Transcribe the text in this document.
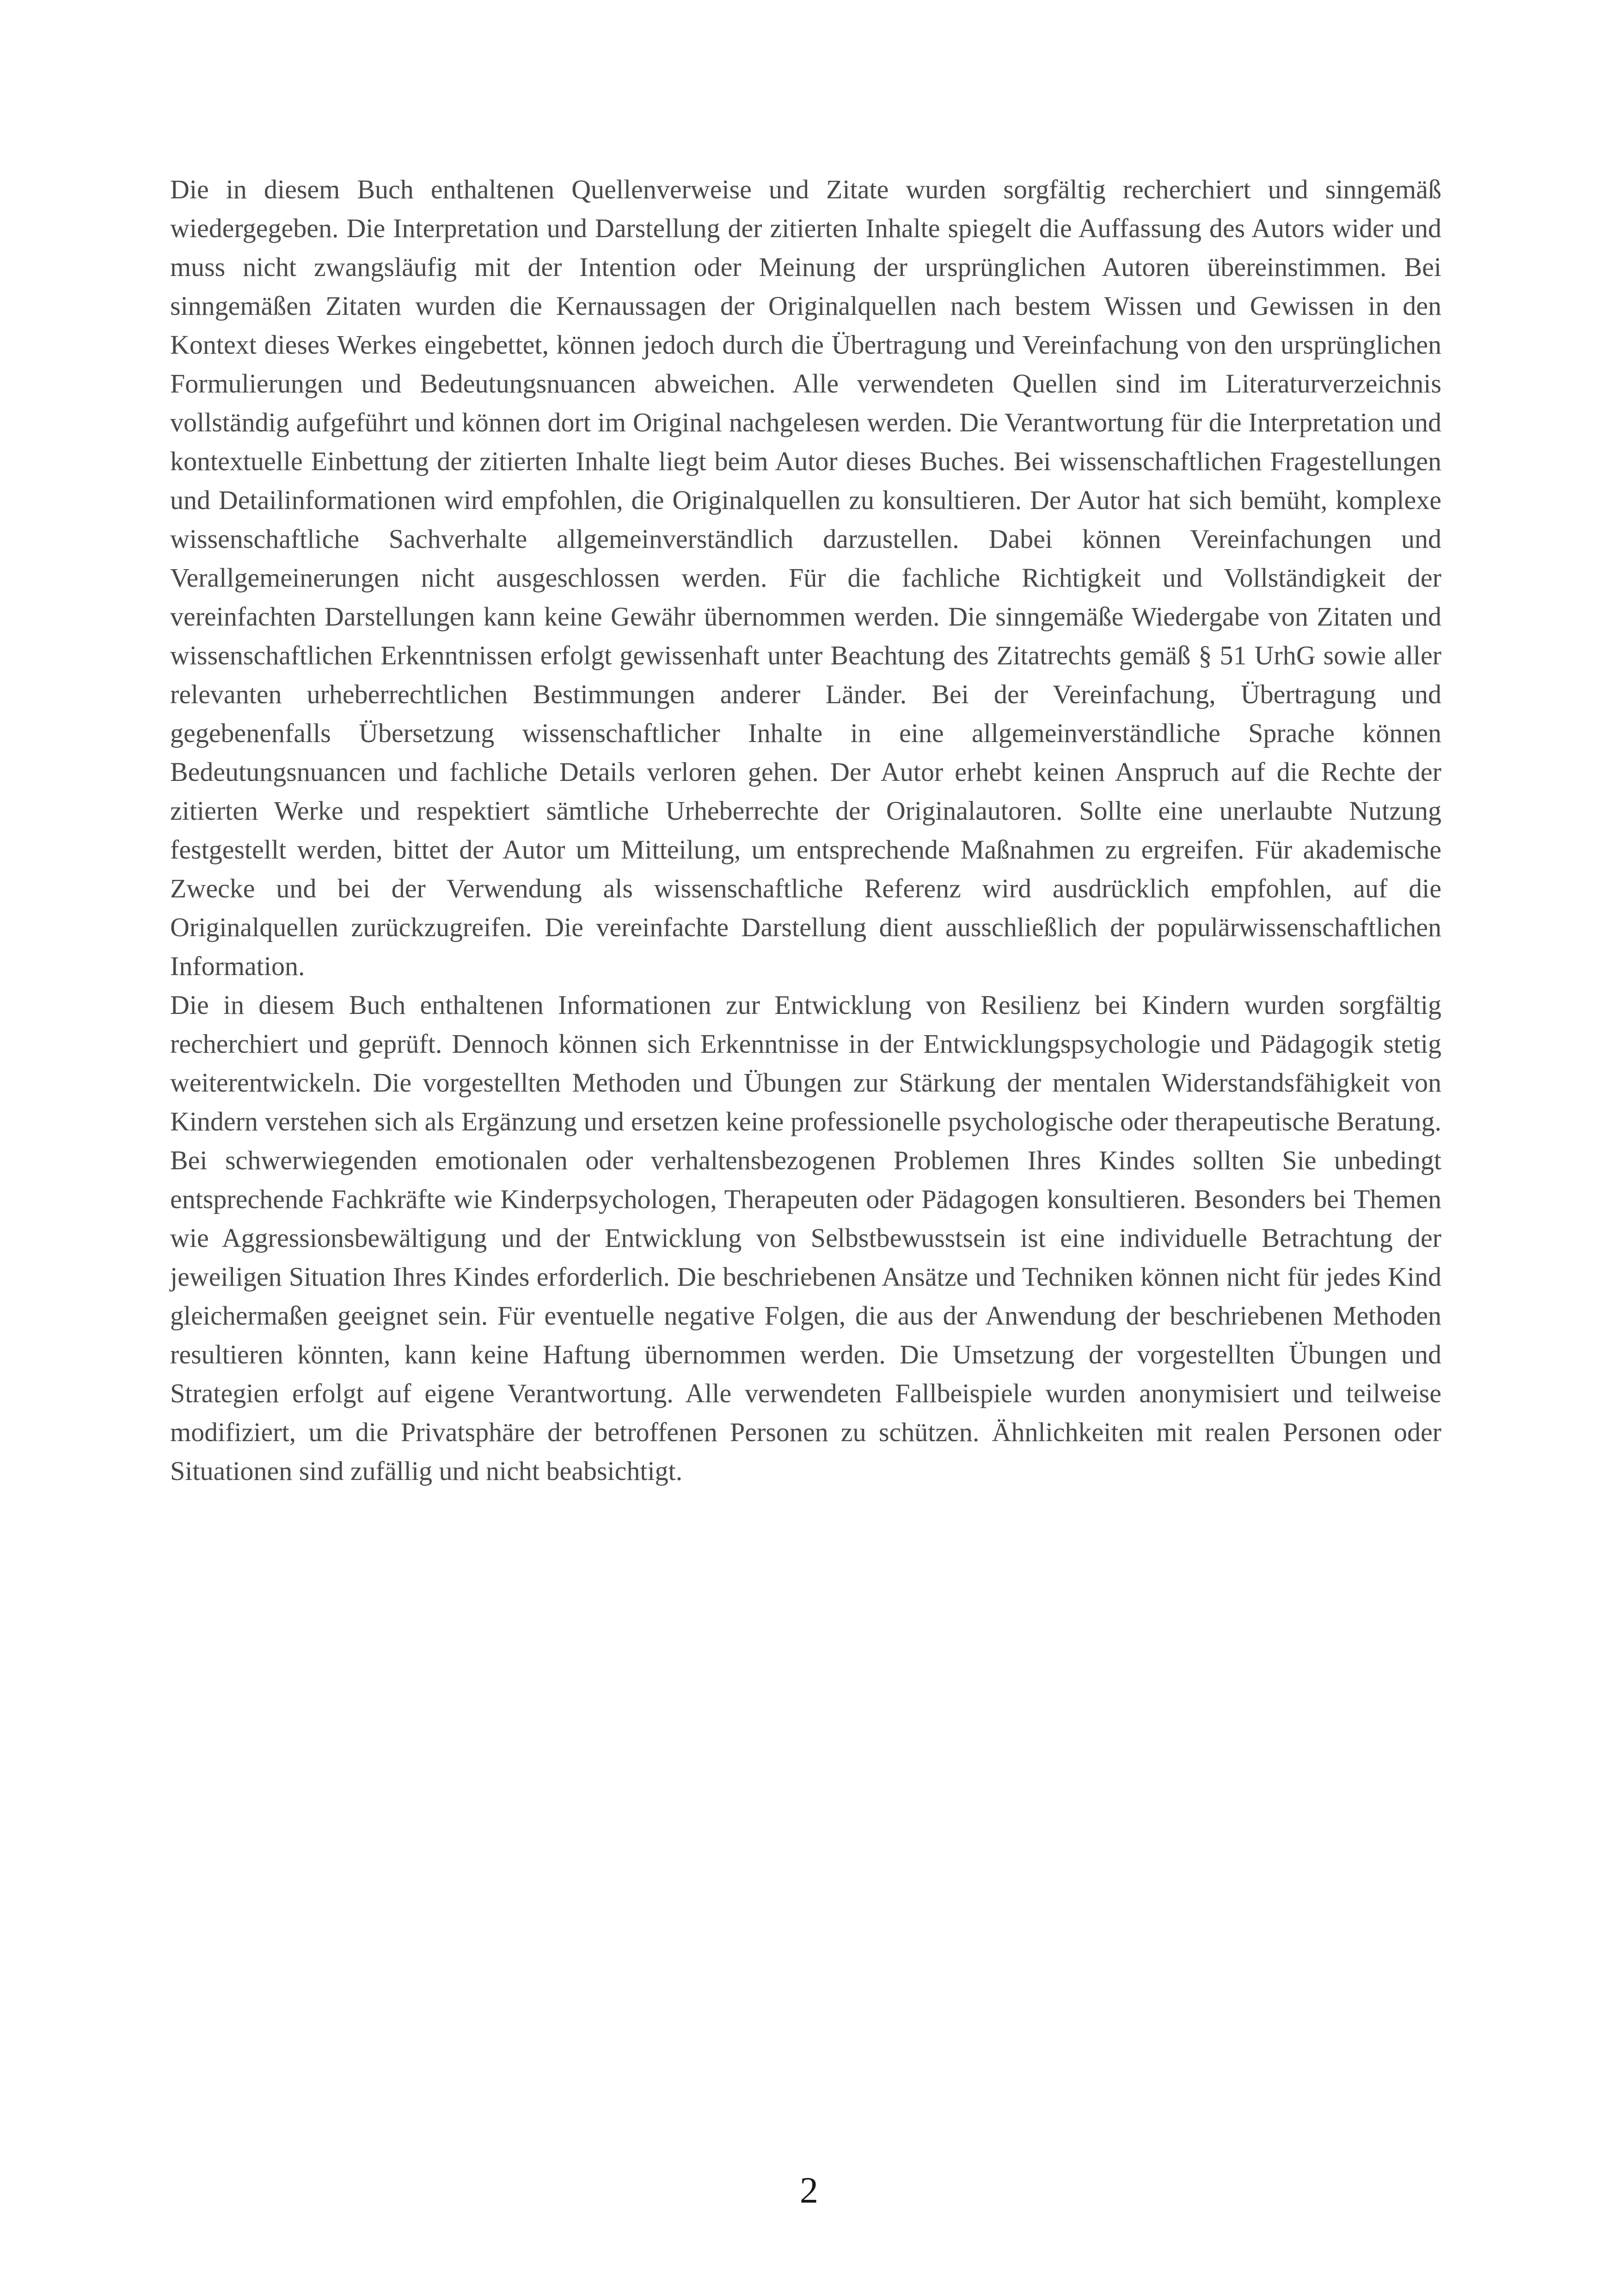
Die in diesem Buch enthaltenen Quellenverweise und Zitate wurden sorgfältig recherchiert und sinngemäß wiedergegeben. Die Interpretation und Darstellung der zitierten Inhalte spiegelt die Auffassung des Autors wider und muss nicht zwangsläufig mit der Intention oder Meinung der ursprünglichen Autoren übereinstimmen. Bei sinngemäßen Zitaten wurden die Kernaussagen der Originalquellen nach bestem Wissen und Gewissen in den Kontext dieses Werkes eingebettet, können jedoch durch die Übertragung und Vereinfachung von den ursprünglichen Formulierungen und Bedeutungsnuancen abweichen. Alle verwendeten Quellen sind im Literaturverzeichnis vollständig aufgeführt und können dort im Original nachgelesen werden. Die Verantwortung für die Interpretation und kontextuelle Einbettung der zitierten Inhalte liegt beim Autor dieses Buches. Bei wissenschaftlichen Fragestellungen und Detailinformationen wird empfohlen, die Originalquellen zu konsultieren. Der Autor hat sich bemüht, komplexe wissenschaftliche Sachverhalte allgemeinverständlich darzustellen. Dabei können Vereinfachungen und Verallgemeinerungen nicht ausgeschlossen werden. Für die fachliche Richtigkeit und Vollständigkeit der vereinfachten Darstellungen kann keine Gewähr übernommen werden. Die sinngemäße Wiedergabe von Zitaten und wissenschaftlichen Erkenntnissen erfolgt gewissenhaft unter Beachtung des Zitatrechts gemäß § 51 UrhG sowie aller relevanten urheberrechtlichen Bestimmungen anderer Länder. Bei der Vereinfachung, Übertragung und gegebenenfalls Übersetzung wissenschaftlicher Inhalte in eine allgemeinverständliche Sprache können Bedeutungsnuancen und fachliche Details verloren gehen. Der Autor erhebt keinen Anspruch auf die Rechte der zitierten Werke und respektiert sämtliche Urheberrechte der Originalautoren. Sollte eine unerlaubte Nutzung festgestellt werden, bittet der Autor um Mitteilung, um entsprechende Maßnahmen zu ergreifen. Für akademische Zwecke und bei der Verwendung als wissenschaftliche Referenz wird ausdrücklich empfohlen, auf die Originalquellen zurückzugreifen. Die vereinfachte Darstellung dient ausschließlich der populärwissenschaftlichen Information.

Die in diesem Buch enthaltenen Informationen zur Entwicklung von Resilienz bei Kindern wurden sorgfältig recherchiert und geprüft. Dennoch können sich Erkenntnisse in der Entwicklungspsychologie und Pädagogik stetig weiterentwickeln. Die vorgestellten Methoden und Übungen zur Stärkung der mentalen Widerstandsfähigkeit von Kindern verstehen sich als Ergänzung und ersetzen keine professionelle psychologische oder therapeutische Beratung. Bei schwerwiegenden emotionalen oder verhaltensbezogenen Problemen Ihres Kindes sollten Sie unbedingt entsprechende Fachkräfte wie Kinderpsychologen, Therapeuten oder Pädagogen konsultieren. Besonders bei Themen wie Aggressionsbewältigung und der Entwicklung von Selbstbewusstsein ist eine individuelle Betrachtung der jeweiligen Situation Ihres Kindes erforderlich. Die beschriebenen Ansätze und Techniken können nicht für jedes Kind gleichermaßen geeignet sein. Für eventuelle negative Folgen, die aus der Anwendung der beschriebenen Methoden resultieren könnten, kann keine Haftung übernommen werden. Die Umsetzung der vorgestellten Übungen und Strategien erfolgt auf eigene Verantwortung. Alle verwendeten Fallbeispiele wurden anonymisiert und teilweise modifiziert, um die Privatsphäre der betroffenen Personen zu schützen. Ähnlichkeiten mit realen Personen oder Situationen sind zufällig und nicht beabsichtigt.

2
